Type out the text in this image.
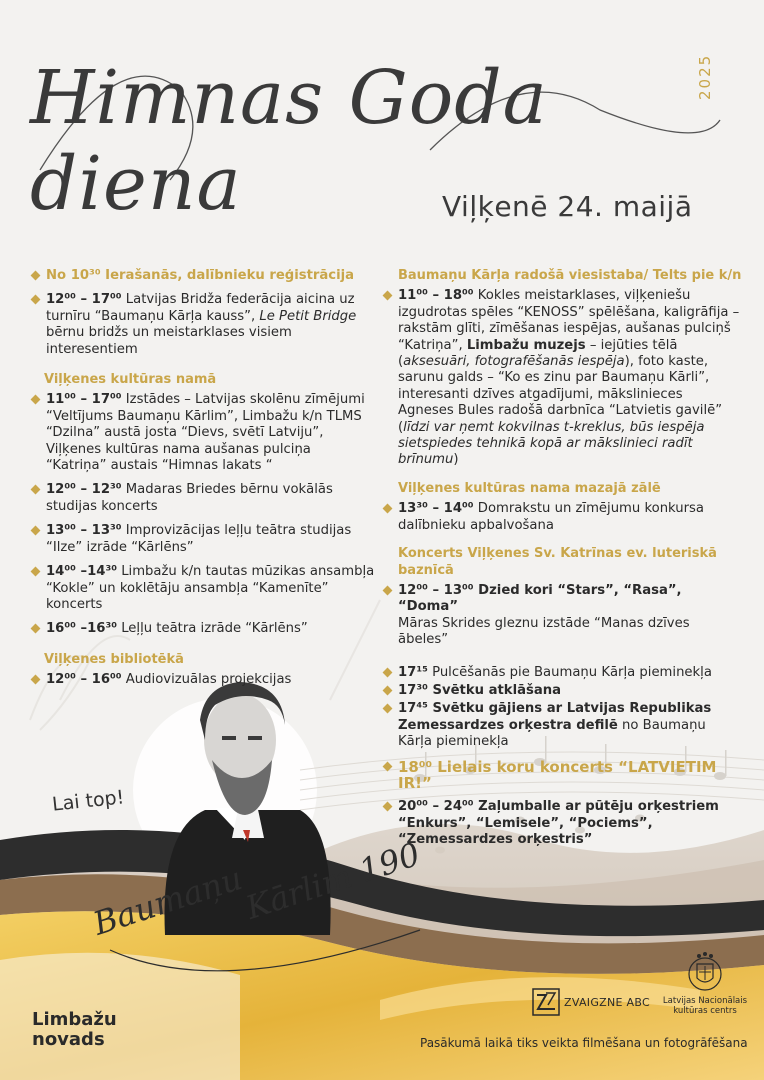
Himnas Goda diena
2025
Viļķenē 24. maijā
No 10³⁰ Ierašanās, dalībnieku reģistrācija
12⁰⁰ – 17⁰⁰ Latvijas Bridža federācija aicina uz turnīru “Baumaņu Kārļa kauss”, Le Petit Bridge bērnu bridžs un meistarklases visiem interesentiem
Viļķenes kultūras namā
11⁰⁰ – 17⁰⁰ Izstādes – Latvijas skolēnu zīmējumi “Veltījums Baumaņu Kārlim”, Limbažu k/n TLMS “Dzilna” austā josta “Dievs, svētī Latviju”, Viļķenes kultūras nama aušanas pulciņa “Katriņa” austais “Himnas lakats “
12⁰⁰ – 12³⁰ Madaras Briedes bērnu vokālās studijas koncerts
13⁰⁰ – 13³⁰ Improvizācijas leļļu teātra studijas “Ilze” izrāde “Kārlēns”
14⁰⁰ –14³⁰ Limbažu k/n tautas mūzikas ansambļa “Kokle” un koklētāju ansambļa “Kamenīte” koncerts
16⁰⁰ –16³⁰ Leļļu teātra izrāde “Kārlēns”
Viļķenes bibliotēkā
12⁰⁰ – 16⁰⁰ Audiovizuālas projekcijas
Baumaņu Kārļa radošā viesistaba/ Telts pie k/n
11⁰⁰ – 18⁰⁰ Kokles meistarklases, viļķeniešu izgudrotas spēles “KENOSS” spēlēšana, kaligrāfija – rakstām glīti, zīmēšanas iespējas, aušanas pulciņš “Katriņa”, Limbažu muzejs – iejūties tēlā (aksesuāri, fotografēšanās iespēja), foto kaste, sarunu galds – “Ko es zinu par Baumaņu Kārli”, interesanti dzīves atgadījumi, mākslinieces Agneses Bules radošā darbnīca “Latvietis gavilē” (līdzi var ņemt kokvilnas t-kreklus, būs iespēja sietspiedes tehnikā kopā ar mākslinieci radīt brīnumu)
Viļķenes kultūras nama mazajā zālē
13³⁰ – 14⁰⁰ Domrakstu un zīmējumu konkursa dalībnieku apbalvošana
Koncerts Viļķenes Sv. Katrīnas ev. luteriskā baznīcā
12⁰⁰ – 13⁰⁰ Dzied kori “Stars”, “Rasa”, “Doma”
Māras Skrides gleznu izstāde “Manas dzīves ābeles”
17¹⁵ Pulcēšanās pie Baumaņu Kārļa pieminekļa
17³⁰ Svētku atklāšana
17⁴⁵ Svētku gājiens ar Latvijas Republikas Zemessardzes orķestra defilē no Baumaņu Kārļa pieminekļa
18⁰⁰ Lielais koru koncerts “LATVIETIM IR!”
20⁰⁰ – 24⁰⁰ Zaļumballe ar pūtēju orķestriem “Enkurs”, “Lemisele”, “Pociems”, “Zemessardzes orķestris”
Lai top!
Baumaņu
Kārlim 190
Limbažu
novads
ZVAIGZNE ABC	Latvijas Nacionālais
kultūras centrs
Pasākumā laikā tiks veikta filmēšana un fotogrāfēšana
